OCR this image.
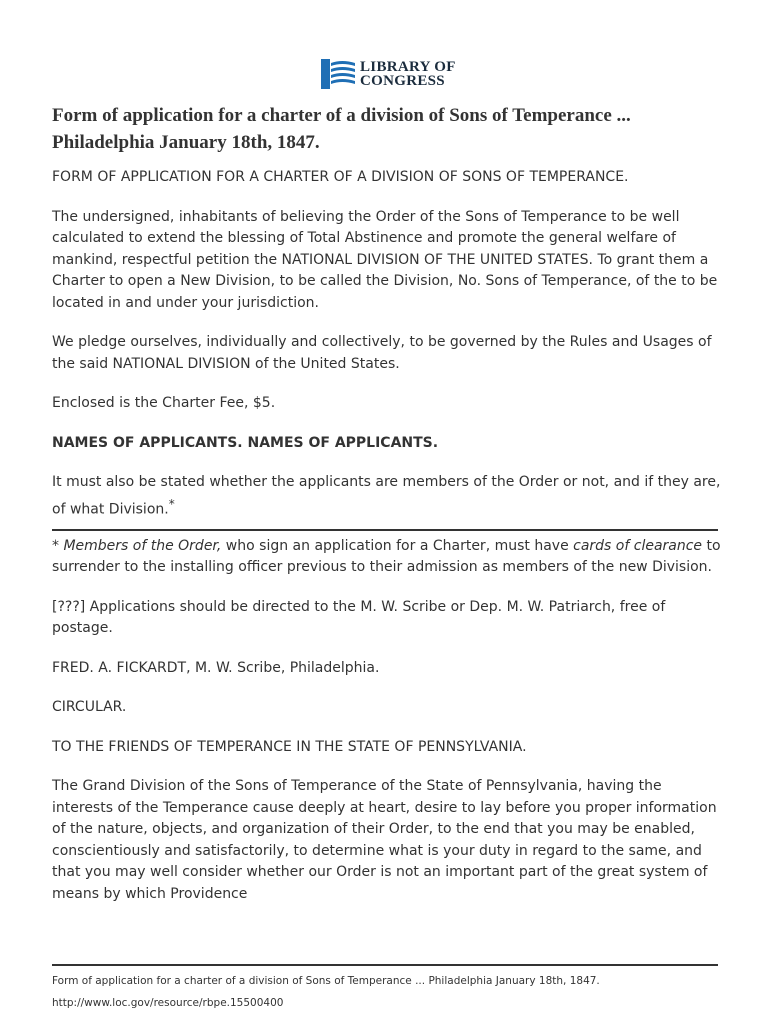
LIBRARY OF
CONGRESS
Form of application for a charter of a division of Sons of Temperance ... Philadelphia January 18th, 1847.

FORM OF APPLICATION FOR A CHARTER OF A DIVISION OF SONS OF TEMPERANCE.

The undersigned, inhabitants of believing the Order of the Sons of Temperance to be well calculated to extend the blessing of Total Abstinence and promote the general welfare of mankind, respectful petition the NATIONAL DIVISION OF THE UNITED STATES. To grant them a Charter to open a New Division, to be called the Division, No. Sons of Temperance, of the to be located in and under your jurisdiction.

We pledge ourselves, individually and collectively, to be governed by the Rules and Usages of the said NATIONAL DIVISION of the United States.

Enclosed is the Charter Fee, $5.

NAMES OF APPLICANTS. NAMES OF APPLICANTS.

It must also be stated whether the applicants are members of the Order or not, and if they are, of what Division.*

* Members of the Order, who sign an application for a Charter, must have cards of clearance to surrender to the installing officer previous to their admission as members of the new Division.

[???] Applications should be directed to the M. W. Scribe or Dep. M. W. Patriarch, free of postage.

FRED. A. FICKARDT, M. W. Scribe, Philadelphia.

CIRCULAR.

TO THE FRIENDS OF TEMPERANCE IN THE STATE OF PENNSYLVANIA.

The Grand Division of the Sons of Temperance of the State of Pennsylvania, having the interests of the Temperance cause deeply at heart, desire to lay before you proper information of the nature, objects, and organization of their Order, to the end that you may be enabled, conscientiously and satisfactorily, to determine what is your duty in regard to the same, and that you may well consider whether our Order is not an important part of the great system of means by which Providence

Form of application for a charter of a division of Sons of Temperance ... Philadelphia January 18th, 1847. http://www.loc.gov/resource/rbpe.15500400
